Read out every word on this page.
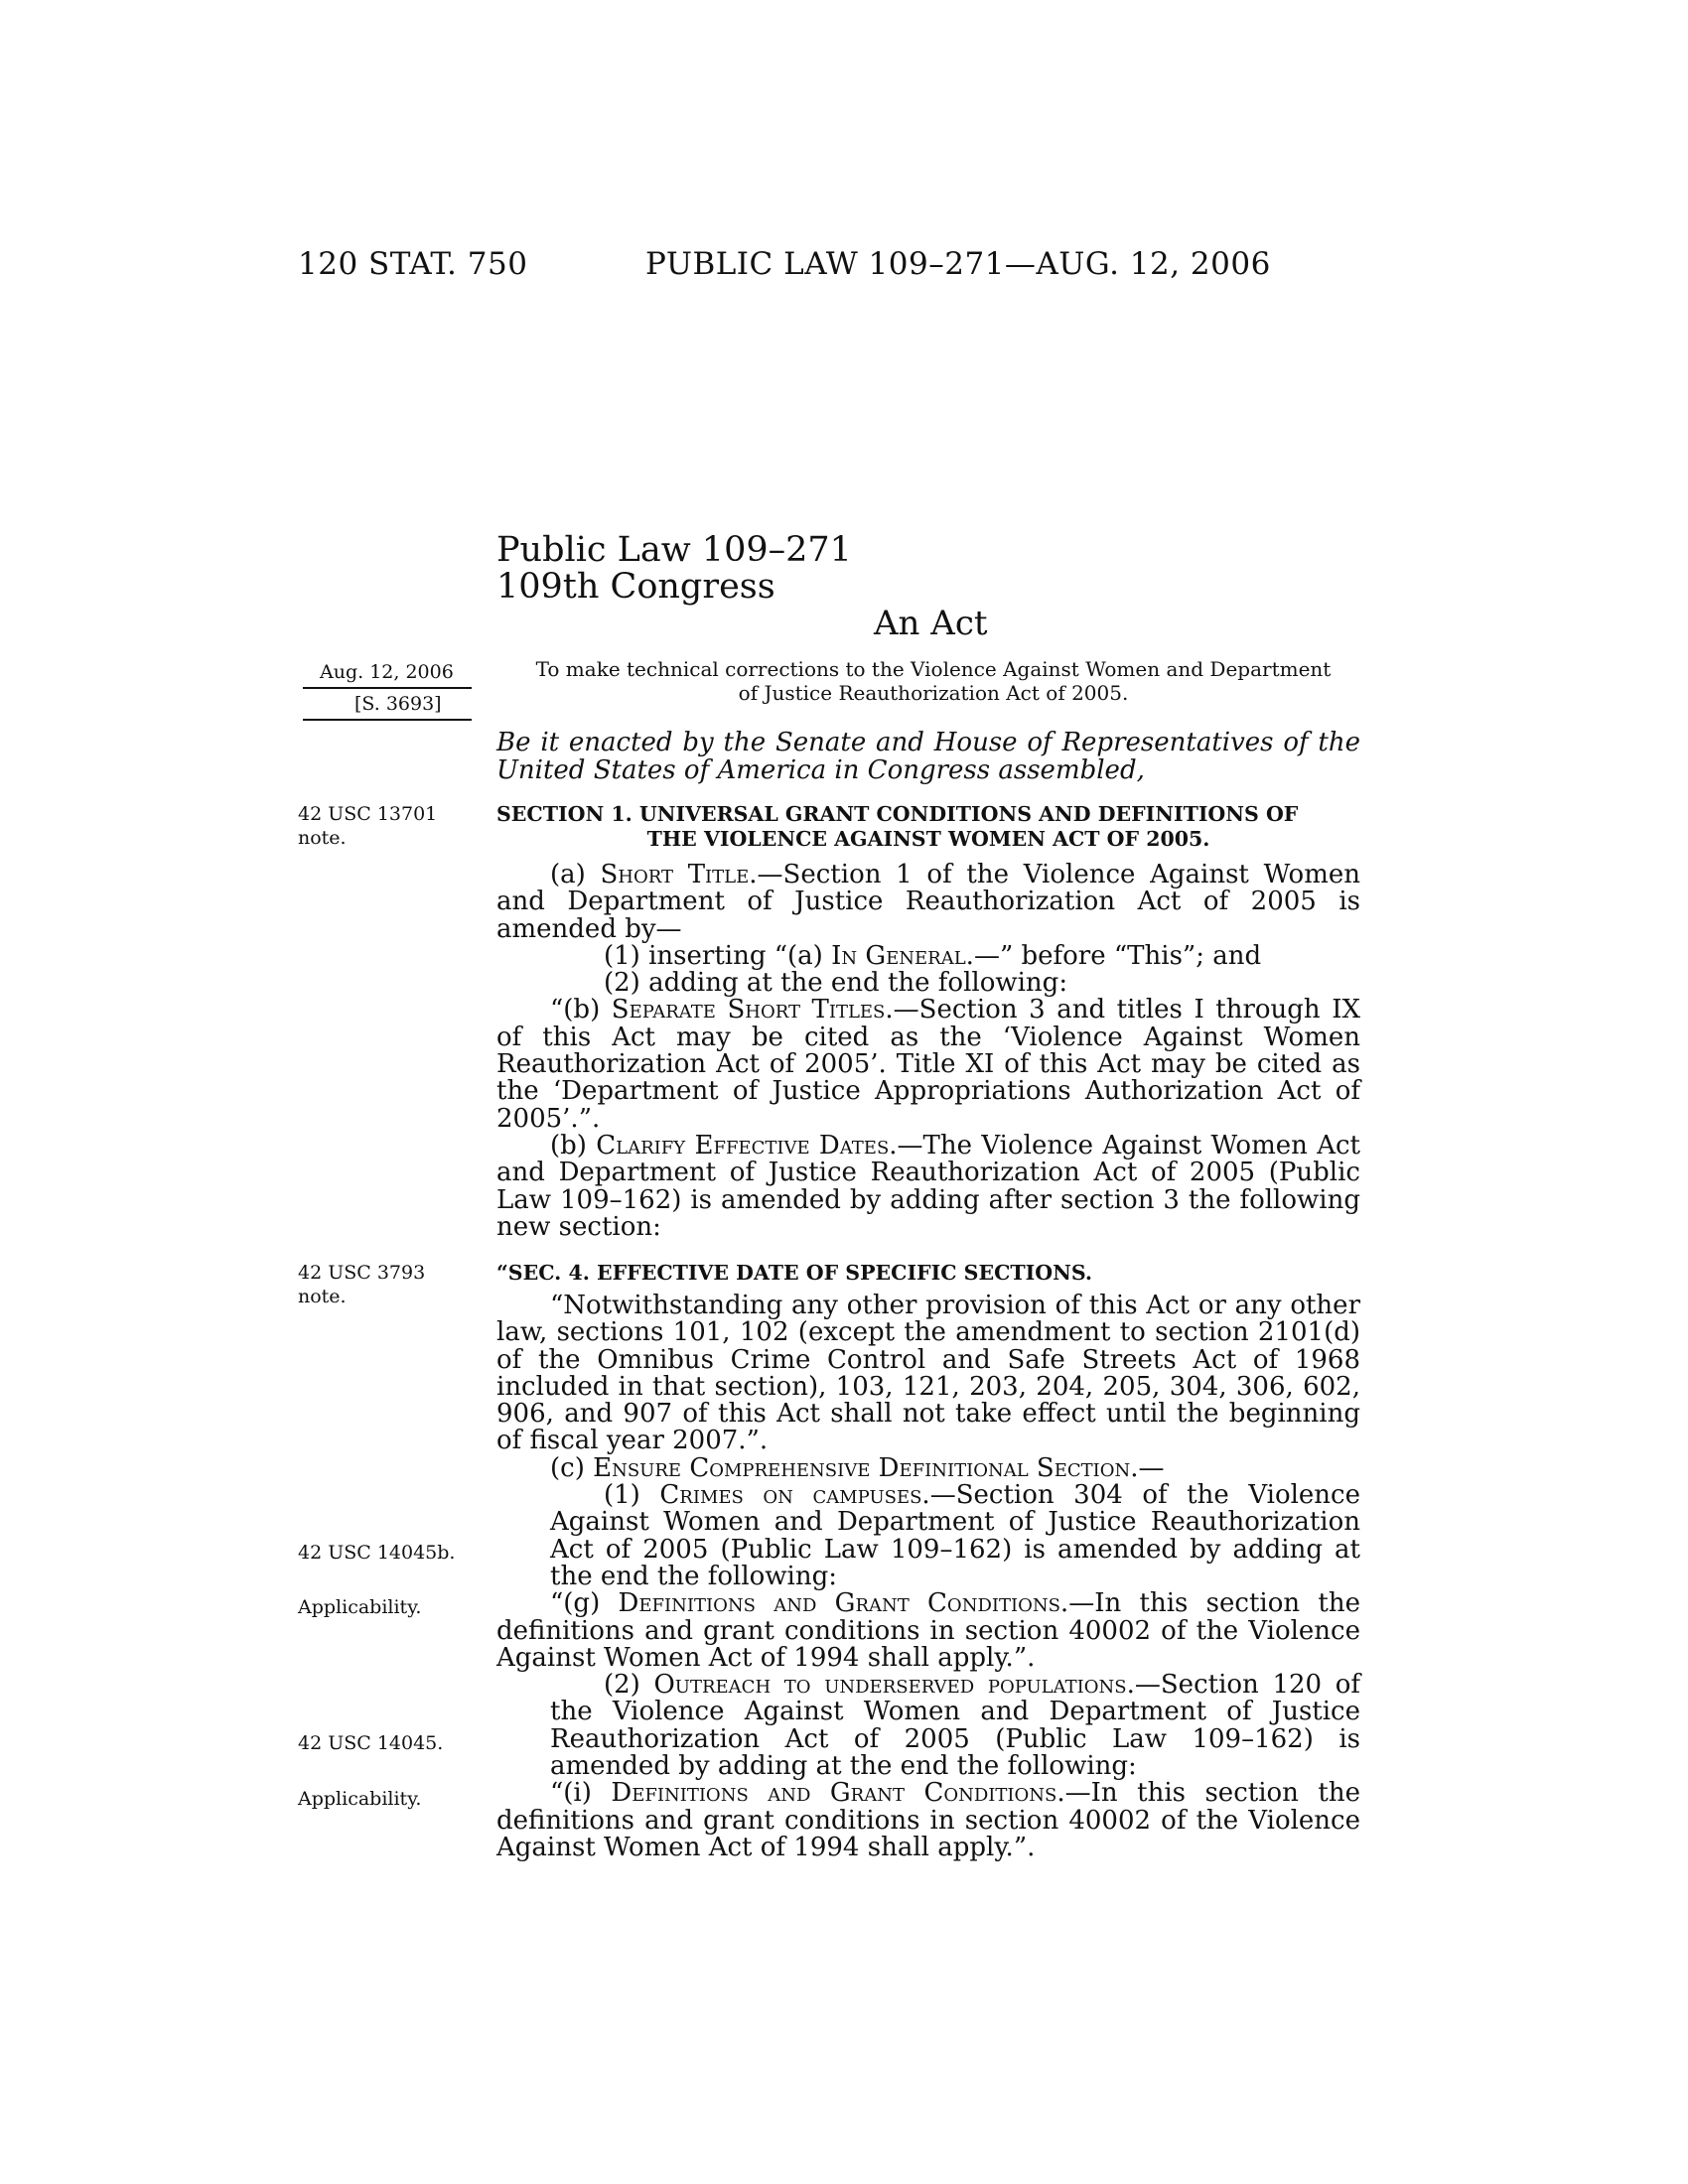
120 STAT. 750	PUBLIC LAW 109–271—AUG. 12, 2006
Public Law 109–271
109th Congress
An Act
Aug. 12, 2006
[S. 3693]
To make technical corrections to the Violence Against Women and Department of Justice Reauthorization Act of 2005.
Be it enacted by the Senate and House of Representatives of the United States of America in Congress assembled,
42 USC 13701
note.
42 USC 3793
note.
42 USC 14045b.
Applicability.
42 USC 14045.
Applicability.
SECTION 1. UNIVERSAL GRANT CONDITIONS AND DEFINITIONS OF
THE VIOLENCE AGAINST WOMEN ACT OF 2005.

(a) Short Title.—Section 1 of the Violence Against Women and Department of Justice Reauthorization Act of 2005 is amended by—

(1) inserting “(a) In General.—” before “This”; and

(2) adding at the end the following:

“(b) Separate Short Titles.—Section 3 and titles I through IX of this Act may be cited as the ‘Violence Against Women Reauthorization Act of 2005’. Title XI of this Act may be cited as the ‘Department of Justice Appropriations Authorization Act of 2005’.”.

(b) Clarify Effective Dates.—The Violence Against Women Act and Department of Justice Reauthorization Act of 2005 (Public Law 109–162) is amended by adding after section 3 the following new section:

“SEC. 4. EFFECTIVE DATE OF SPECIFIC SECTIONS.

“Notwithstanding any other provision of this Act or any other law, sections 101, 102 (except the amendment to section 2101(d) of the Omnibus Crime Control and Safe Streets Act of 1968 included in that section), 103, 121, 203, 204, 205, 304, 306, 602, 906, and 907 of this Act shall not take effect until the beginning of fiscal year 2007.”.

(c) Ensure Comprehensive Definitional Section.—

(1) Crimes on campuses.—Section 304 of the Violence Against Women and Department of Justice Reauthorization Act of 2005 (Public Law 109–162) is amended by adding at the end the following:

“(g) Definitions and Grant Conditions.—In this section the definitions and grant conditions in section 40002 of the Violence Against Women Act of 1994 shall apply.”.

(2) Outreach to underserved populations.—Section 120 of the Violence Against Women and Department of Justice Reauthorization Act of 2005 (Public Law 109–162) is amended by adding at the end the following:

“(i) Definitions and Grant Conditions.—In this section the definitions and grant conditions in section 40002 of the Violence Against Women Act of 1994 shall apply.”.
